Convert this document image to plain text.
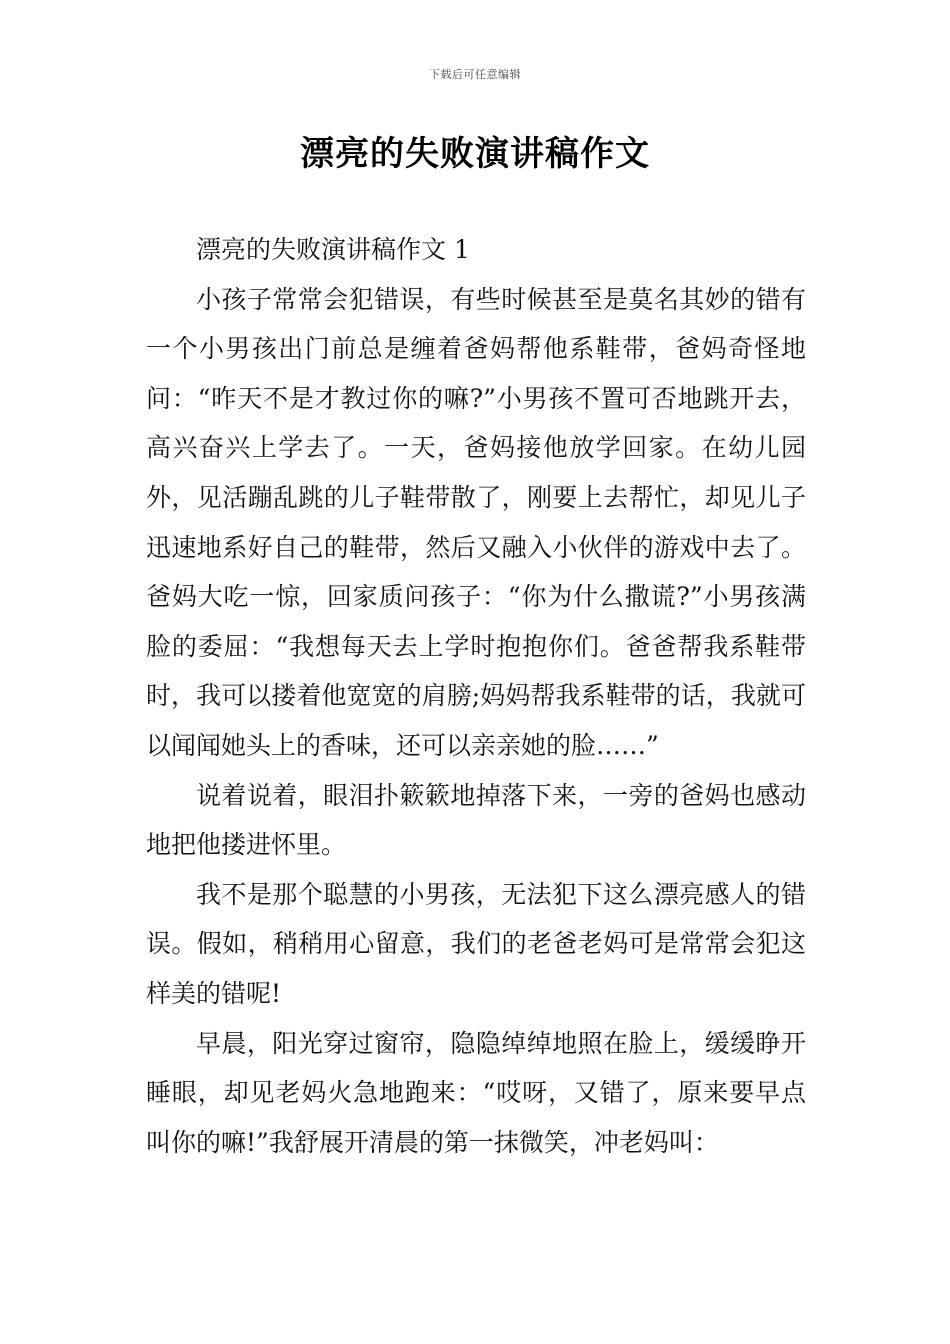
下载后可任意编辑
漂亮的失败演讲稿作文

漂亮的失败演讲稿作文 1

小孩子常常会犯错误，有些时候甚至是莫名其妙的错有一个小男孩出门前总是缠着爸妈帮他系鞋带，爸妈奇怪地问：“昨天不是才教过你的嘛?”小男孩不置可否地跳开去，高兴奋兴上学去了。一天，爸妈接他放学回家。在幼儿园外，见活蹦乱跳的儿子鞋带散了，刚要上去帮忙，却见儿子迅速地系好自己的鞋带，然后又融入小伙伴的游戏中去了。爸妈大吃一惊，回家质问孩子：“你为什么撒谎?”小男孩满脸的委屈：“我想每天去上学时抱抱你们。爸爸帮我系鞋带时，我可以搂着他宽宽的肩膀;妈妈帮我系鞋带的话，我就可以闻闻她头上的香味，还可以亲亲她的脸……”

说着说着，眼泪扑簌簌地掉落下来，一旁的爸妈也感动地把他搂进怀里。

我不是那个聪慧的小男孩，无法犯下这么漂亮感人的错误。假如，稍稍用心留意，我们的老爸老妈可是常常会犯这样美的错呢!

早晨，阳光穿过窗帘，隐隐绰绰地照在脸上，缓缓睁开睡眼，却见老妈火急地跑来：“哎呀，又错了，原来要早点叫你的嘛!”我舒展开清晨的第一抹微笑，冲老妈叫：
